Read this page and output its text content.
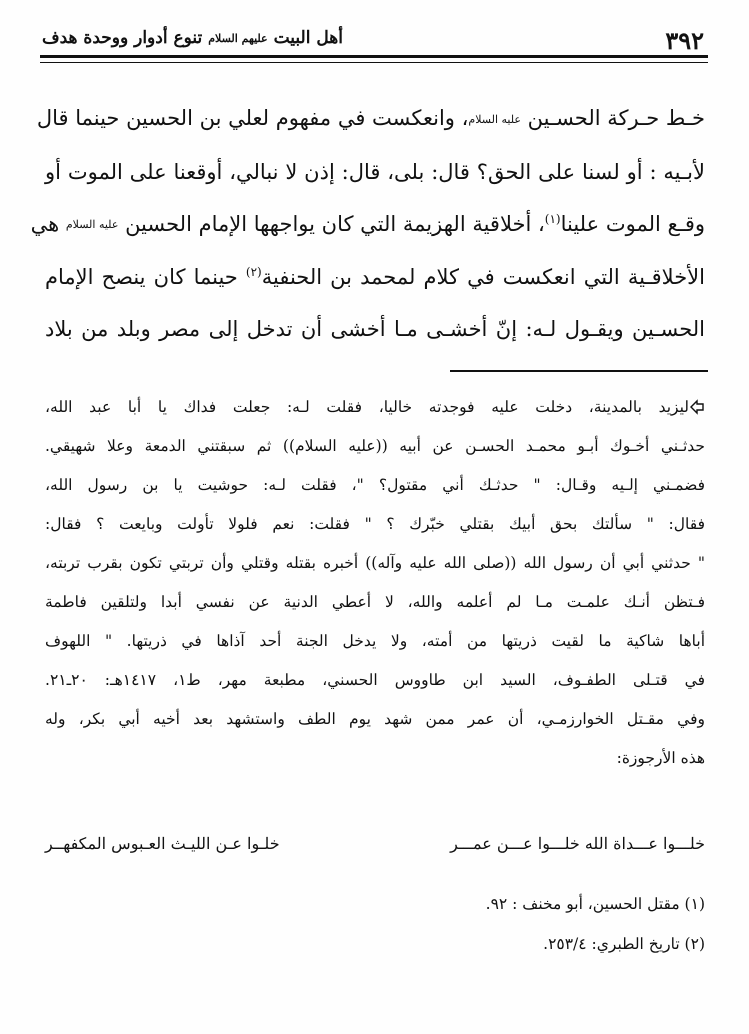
٣٩٢
أهل البيت
عليهم السلام
تنوع أدوار ووحدة هدف
خـط حـركة الحسـين عليه السلام، وانعكست في مفهوم لعلي بن الحسين حينما قال
لأبـيه : أو لسنا على الحق؟ قال: بلى، قال: إذن لا نبالي، أوقعنا على الموت أو
وقـع الموت علينا$^{(١)}$، أخلاقية الهزيمة التي كان يواجهها الإمام الحسين عليه السلام هي
الأخلاقـية التي انعكست في كلام لمحمد بن الحنفية$^{(٢)}$ حينما كان ينصح الإمام
الحسـين ويقـول لـه: إنّ أخشـى مـا أخشى أن تدخل إلى مصر وبلد من بلاد
ليزيد بالمدينة، دخلت عليه فوجدته خاليا، فقلت لـه: جعلت فداك يا أبا عبد الله،
حدثـني أخـوك أبـو محمـد الحسـن عن أبيه ((عليه السلام)) ثم سبقتني الدمعة وعلا شهيقي.
فضمـني إلـيه وقـال: " حدثـك أني مقتول؟ "، فقلت لـه: حوشيت يا بن رسول الله،
فقال: " سألتك بحق أبيك بقتلي خبّرك ؟ " فقلت: نعم فلولا تأولت وبايعت ؟ فقال:
" حدثني أبي أن رسول الله ((صلى الله عليه وآله)) أخبره بقتله وقتلي وأن تربتي تكون بقرب تربته،
فـتظن أنـك علمـت مـا لم أعلمه والله، لا أعطي الدنية عن نفسي أبدا ولتلقين فاطمة
أباها شاكية ما لقيت ذريتها من أمته، ولا يدخل الجنة أحد آذاها في ذريتها. " اللهوف
في قتـلى الطفـوف، السيد ابن طاووس الحسني، مطبعة مهر، ط١، ١٤١٧هـ: ٢٠ـ٢١.
وفي مقـتل الخوارزمـي، أن عمر ممن شهد يوم الطف واستشهد بعد أخيه أبي بكر، وله
هذه الأرجوزة:
خلـــوا عـــداة الله خلـــوا عـــن عمـــر
خلـوا عـن الليـث العـبوس المكفهــر
(١) مقتل الحسين، أبو مخنف : ٩٢.
(٢) تاريخ الطبري: ٢٥٣/٤.
